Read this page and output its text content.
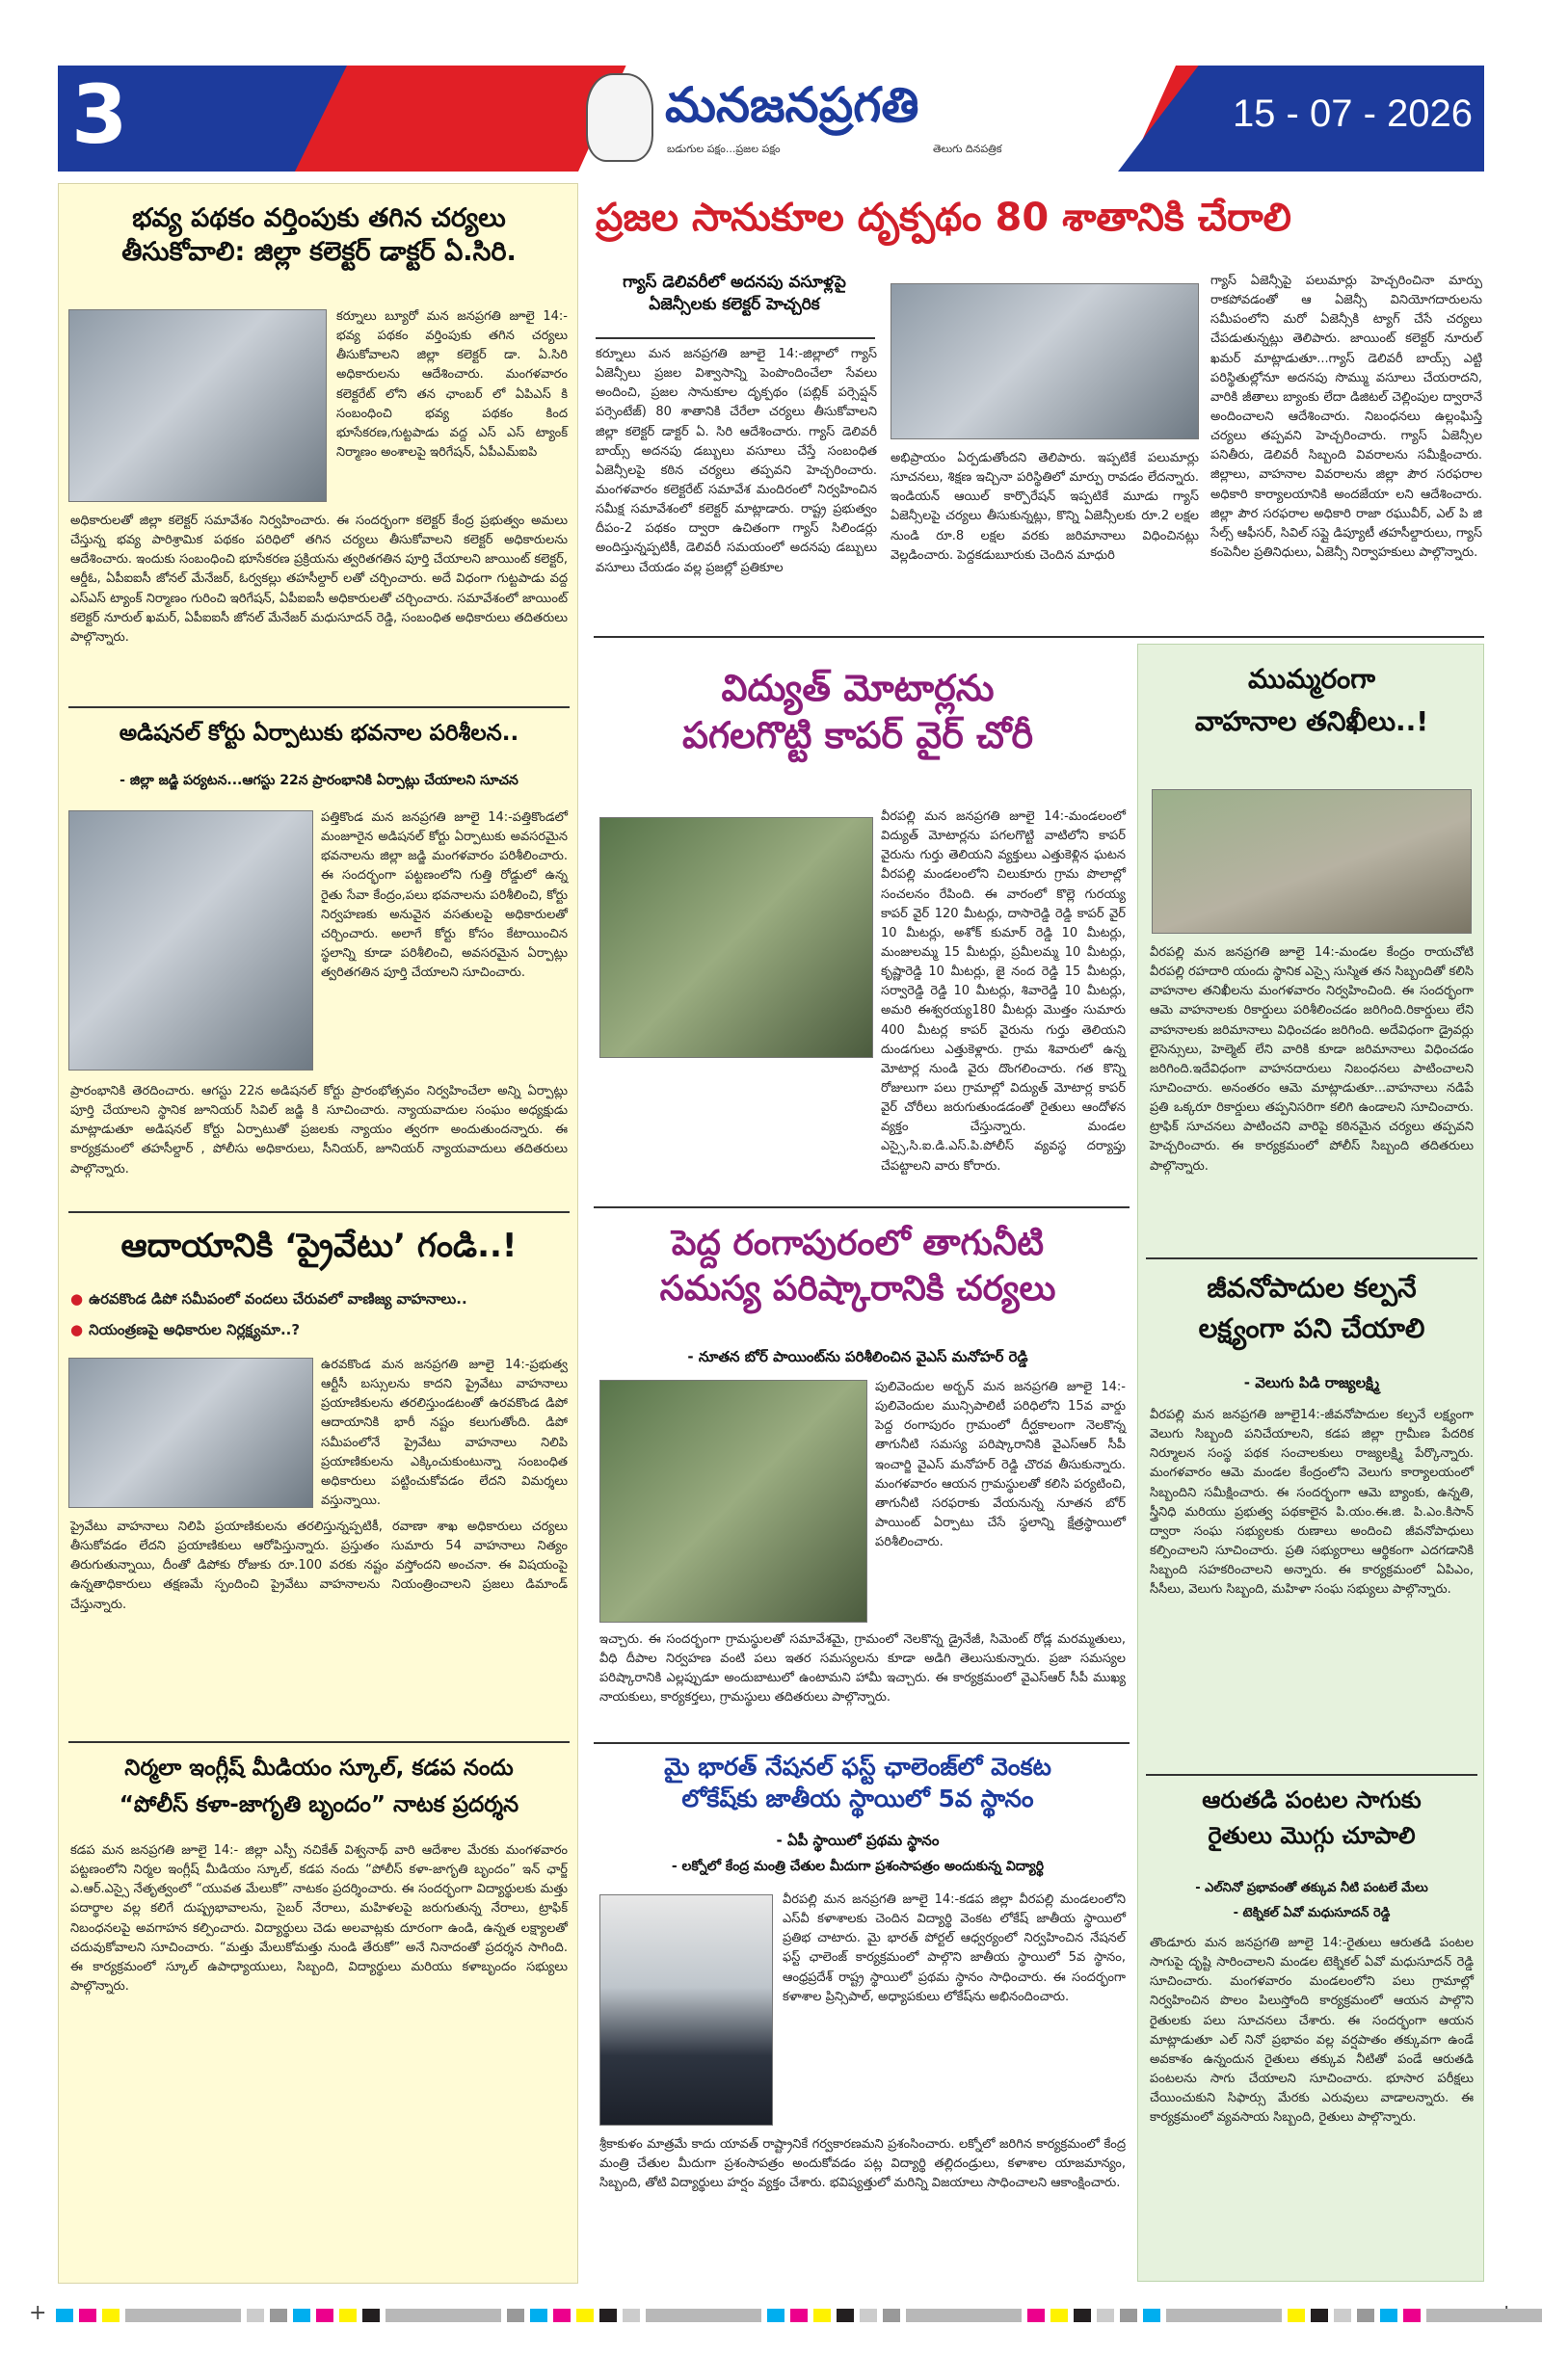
3	మనజనప్రగతి
బడుగుల పక్షం...ప్రజల పక్షం	తెలుగు దినపత్రిక
15 - 07 - 2026
భవ్య పథకం వర్తింపుకు తగిన చర్యలు
తీసుకోవాలి: జిల్లా కలెక్టర్ డాక్టర్ ఏ.సిరి.
కర్నూలు బ్యూరో మన జనప్రగతి జూలై 14:-భవ్య పథకం వర్తింపుకు తగిన చర్యలు తీసుకోవాలని జిల్లా కలెక్టర్ డా. ఏ.సిరి అధికారులను ఆదేశించారు. మంగళవారం కలెక్టరేట్ లోని తన ఛాంబర్ లో ఏపిఎస్ కి సంబంధించి భవ్య పథకం కింద భూసేకరణ,గుట్టపాడు వద్ద ఎస్ ఎస్ ట్యాంక్ నిర్మాణం అంశాలపై ఇరిగేషన్, ఏపీఎమ్ఐపి
అధికారులతో జిల్లా కలెక్టర్ సమావేశం నిర్వహించారు. ఈ సందర్భంగా కలెక్టర్ కేంద్ర ప్రభుత్వం అమలు చేస్తున్న భవ్య పారిశ్రామిక పథకం పరిధిలో తగిన చర్యలు తీసుకోవాలని కలెక్టర్ అధికారులను ఆదేశించారు. ఇందుకు సంబంధించి భూసేకరణ ప్రక్రియను త్వరితగతిన పూర్తి చేయాలని జాయింట్ కలెక్టర్, ఆర్డీఓ, ఏపీఐఐసీ జోనల్ మేనేజర్, ఓర్వకల్లు తహసీల్దార్ లతో చర్చించారు. అదే విధంగా గుట్టపాడు వద్ద ఎస్ఎస్ ట్యాంక్ నిర్మాణం గురించి ఇరిగేషన్, ఏపీఐఐసీ అధికారులతో చర్చించారు. సమావేశంలో జాయింట్ కలెక్టర్ నూరుల్ ఖమర్, ఏపీఐఐసీ జోనల్ మేనేజర్ మధుసూదన్ రెడ్డి, సంబంధిత అధికారులు తదితరులు పాల్గొన్నారు.
అడిషనల్ కోర్టు ఏర్పాటుకు భవనాల పరిశీలన..
- జిల్లా జడ్జి పర్యటన...ఆగస్టు 22న ప్రారంభానికి ఏర్పాట్లు చేయాలని సూచన
పత్తికొండ మన జనప్రగతి జూలై 14:-పత్తికొండలో మంజూరైన అడిషనల్ కోర్టు ఏర్పాటుకు అవసరమైన భవనాలను జిల్లా జడ్జి మంగళవారం పరిశీలించారు. ఈ సందర్భంగా పట్టణంలోని గుత్తి రోడ్డులో ఉన్న రైతు సేవా కేంద్రం,పలు భవనాలను పరిశీలించి, కోర్టు నిర్వహణకు అనువైన వసతులపై అధికారులతో చర్చించారు. అలాగే కోర్టు కోసం కేటాయించిన స్థలాన్ని కూడా పరిశీలించి, అవసరమైన ఏర్పాట్లు త్వరితగతిన పూర్తి చేయాలని సూచించారు.
ప్రారంభానికి తెరదించారు. ఆగస్టు 22న అడిషనల్ కోర్టు ప్రారంభోత్సవం నిర్వహించేలా అన్ని ఏర్పాట్లు పూర్తి చేయాలని స్థానిక జూనియర్ సివిల్ జడ్జి కి సూచించారు. న్యాయవాదుల సంఘం అధ్యక్షుడు మాట్లాడుతూ అడిషనల్ కోర్టు ఏర్పాటుతో ప్రజలకు న్యాయం త్వరగా అందుతుందన్నారు. ఈ కార్యక్రమంలో తహసీల్దార్ , పోలీసు అధికారులు, సీనియర్, జూనియర్ న్యాయవాదులు తదితరులు పాల్గొన్నారు.
ఆదాయానికి ‘ప్రైవేటు’ గండి..!
● ఉరవకొండ డిపో సమీపంలో వందలు చేరువలో వాణిజ్య వాహనాలు..
● నియంత్రణపై అధికారుల నిర్లక్ష్యమా..?
ఉరవకొండ మన జనప్రగతి జూలై 14:-ప్రభుత్వ ఆర్టీసీ బస్సులను కాదని ప్రైవేటు వాహనాలు ప్రయాణికులను తరలిస్తుండటంతో ఉరవకొండ డిపో ఆదాయానికి భారీ నష్టం కలుగుతోంది. డిపో సమీపంలోనే ప్రైవేటు వాహనాలు నిలిపి ప్రయాణికులను ఎక్కించుకుంటున్నా సంబంధిత అధికారులు పట్టించుకోవడం లేదని విమర్శలు వస్తున్నాయి.
ప్రైవేటు వాహనాలు నిలిపి ప్రయాణికులను తరలిస్తున్నప్పటికీ, రవాణా శాఖ అధికారులు చర్యలు తీసుకోవడం లేదని ప్రయాణికులు ఆరోపిస్తున్నారు. ప్రస్తుతం సుమారు 54 వాహనాలు నిత్యం తిరుగుతున్నాయి, దీంతో డిపోకు రోజుకు రూ.100 వరకు నష్టం వస్తోందని అంచనా. ఈ విషయంపై ఉన్నతాధికారులు తక్షణమే స్పందించి ప్రైవేటు వాహనాలను నియంత్రించాలని ప్రజలు డిమాండ్ చేస్తున్నారు.
నిర్మలా ఇంగ్లీష్ మీడియం స్కూల్, కడప నందు
“పోలీస్ కళా-జాగృతి బృందం” నాటక ప్రదర్శన
కడప మన జనప్రగతి జూలై 14:- జిల్లా ఎస్పీ నచికేత్ విశ్వనాథ్ వారి ఆదేశాల మేరకు మంగళవారం పట్టణంలోని నిర్మల ఇంగ్లీష్ మీడియం స్కూల్, కడప నందు “పోలీస్ కళా-జాగృతి బృందం” ఇన్ ఛార్జ్ ఎ.ఆర్.ఎస్సై నేతృత్వంలో “యువత మేలుకో” నాటకం ప్రదర్శించారు. ఈ సందర్భంగా విద్యార్థులకు మత్తు పదార్థాల వల్ల కలిగే దుష్ప్రభావాలను, సైబర్ నేరాలు, మహిళలపై జరుగుతున్న నేరాలు, ట్రాఫిక్ నిబంధనలపై అవగాహన కల్పించారు. విద్యార్థులు చెడు అలవాట్లకు దూరంగా ఉండి, ఉన్నత లక్ష్యాలతో చదువుకోవాలని సూచించారు. “మత్తు మేలుకోమత్తు నుండి తేరుకో” అనే నినాదంతో ప్రదర్శన సాగింది. ఈ కార్యక్రమంలో స్కూల్ ఉపాధ్యాయులు, సిబ్బంది, విద్యార్థులు మరియు కళాబృందం సభ్యులు పాల్గొన్నారు.
ప్రజల సానుకూల దృక్పథం 80 శాతానికి చేరాలి
గ్యాస్ డెలివరీలో అదనపు వసూళ్లపై
ఏజెన్సీలకు కలెక్టర్ హెచ్చరిక
కర్నూలు మన జనప్రగతి జూలై 14:-జిల్లాలో గ్యాస్ ఏజెన్సీలు ప్రజల విశ్వాసాన్ని పెంపొందించేలా సేవలు అందించి, ప్రజల సానుకూల దృక్పథం (పబ్లిక్ పర్సెప్షన్ పర్సెంటేజ్) 80 శాతానికి చేరేలా చర్యలు తీసుకోవాలని జిల్లా కలెక్టర్ డాక్టర్ ఏ. సిరి ఆదేశించారు. గ్యాస్ డెలివరీ బాయ్స్ అదనపు డబ్బులు వసూలు చేస్తే సంబంధిత ఏజెన్సీలపై కఠిన చర్యలు తప్పవని హెచ్చరించారు. మంగళవారం కలెక్టరేట్ సమావేశ మందిరంలో నిర్వహించిన సమీక్ష సమావేశంలో కలెక్టర్ మాట్లాడారు. రాష్ట్ర ప్రభుత్వం దీపం-2 పథకం ద్వారా ఉచితంగా గ్యాస్ సిలిండర్లు అందిస్తున్నప్పటికీ, డెలివరీ సమయంలో అదనపు డబ్బులు వసూలు చేయడం వల్ల ప్రజల్లో ప్రతికూల
అభిప్రాయం ఏర్పడుతోందని తెలిపారు. ఇప్పటికే పలుమార్లు సూచనలు, శిక్షణ ఇచ్చినా పరిస్థితిలో మార్పు రావడం లేదన్నారు. ఇండియన్ ఆయిల్ కార్పొరేషన్ ఇప్పటికే మూడు గ్యాస్ ఏజెన్సీలపై చర్యలు తీసుకున్నట్లు, కొన్ని ఏజెన్సీలకు రూ.2 లక్షల నుండి రూ.8 లక్షల వరకు జరిమానాలు విధించినట్లు వెల్లడించారు. పెద్దకడుబూరుకు చెందిన మాధురి
గ్యాస్ ఏజెన్సీపై పలుమార్లు హెచ్చరించినా మార్పు రాకపోవడంతో ఆ ఏజెన్సీ వినియోగదారులను సమీపంలోని మరో ఏజెన్సీకి ట్యాగ్ చేసే చర్యలు చేపడుతున్నట్లు తెలిపారు. జాయింట్ కలెక్టర్ నూరుల్ ఖమర్ మాట్లాడుతూ...గ్యాస్ డెలివరీ బాయ్స్ ఎట్టి పరిస్థితుల్లోనూ అదనపు సొమ్ము వసూలు చేయరాదని, వారికి జీతాలు బ్యాంకు లేదా డిజిటల్ చెల్లింపుల ద్వారానే అందించాలని ఆదేశించారు. నిబంధనలు ఉల్లంఘిస్తే చర్యలు తప్పవని హెచ్చరించారు. గ్యాస్ ఏజెన్సీల పనితీరు, డెలివరీ సిబ్బంది వివరాలను సమీక్షించారు. జిల్లాలు, వాహనాల వివరాలను జిల్లా పౌర సరఫరాల అధికారి కార్యాలయానికి అందజేయా లని ఆదేశించారు. జిల్లా పౌర సరఫరాల అధికారి రాజా రఘువీర్, ఎల్ పి జి సేల్స్ ఆఫీసర్, సివిల్ సప్లై డిప్యూటీ తహసీల్దారులు, గ్యాస్ కంపెనీల ప్రతినిధులు, ఏజెన్సీ నిర్వాహకులు పాల్గొన్నారు.
విద్యుత్ మోటార్లను
పగలగొట్టి కాపర్ వైర్ చోరీ
వీరపల్లి మన జనప్రగతి జూలై 14:-మండలంలో విద్యుత్ మోటార్లను పగలగొట్టి వాటిలోని కాపర్ వైరును గుర్తు తెలియని వ్యక్తులు ఎత్తుకెళ్లిన ఘటన వీరపల్లి మండలంలోని చిలుకూరు గ్రామ పొలాల్లో సంచలనం రేపింది. ఈ వారంలో కొల్లె గురయ్య కాపర్ వైర్ 120 మీటర్లు, దాసారెడ్డి రెడ్డి కాపర్ వైర్ 10 మీటర్లు, అశోక్ కుమార్ రెడ్డి 10 మీటర్లు, మంజులమ్మ 15 మీటర్లు, ప్రమీలమ్మ 10 మీటర్లు, కృష్ణారెడ్డి 10 మీటర్లు, జై నంద రెడ్డి 15 మీటర్లు, సర్వారెడ్డి రెడ్డి 10 మీటర్లు, శివారెడ్డి 10 మీటర్లు, అమరి ఈశ్వరయ్య180 మీటర్లు మొత్తం సుమారు 400 మీటర్ల కాపర్ వైరును గుర్తు తెలియని దుండగులు ఎత్తుకెళ్లారు. గ్రామ శివారులో ఉన్న మోటార్ల నుండి వైరు దొంగలించారు. గత కొన్ని రోజులుగా పలు గ్రామాల్లో విద్యుత్ మోటార్ల కాపర్ వైర్ చోరీలు జరుగుతుండడంతో రైతులు ఆందోళన వ్యక్తం చేస్తున్నారు. మండల ఎస్సై,సి.ఐ.డి.ఎస్.పి.పోలీస్ వ్యవస్థ దర్యాప్తు చేపట్టాలని వారు కోరారు.
పెద్ద రంగాపురంలో తాగునీటి
సమస్య పరిష్కారానికి చర్యలు
- నూతన బోర్ పాయింట్‌ను పరిశీలించిన వైఎస్ మనోహర్ రెడ్డి
పులివెందుల అర్బన్ మన జనప్రగతి జూలై 14:-పులివెందుల మున్సిపాలిటీ పరిధిలోని 15వ వార్డు పెద్ద రంగాపురం గ్రామంలో దీర్ఘకాలంగా నెలకొన్న తాగునీటి సమస్య పరిష్కారానికి వైఎస్ఆర్ సీపీ ఇంచార్జి వైఎస్ మనోహర్ రెడ్డి చొరవ తీసుకున్నారు. మంగళవారం ఆయన గ్రామస్థులతో కలిసి పర్యటించి, తాగునీటి సరఫరాకు వేయనున్న నూతన బోర్ పాయింట్ ఏర్పాటు చేసే స్థలాన్ని క్షేత్రస్థాయిలో పరిశీలించారు.
ఇచ్చారు. ఈ సందర్భంగా గ్రామస్థులతో సమావేశమై, గ్రామంలో నెలకొన్న డ్రైనేజీ, సిమెంట్ రోడ్ల మరమ్మతులు, వీధి దీపాల నిర్వహణ వంటి పలు ఇతర సమస్యలను కూడా అడిగి తెలుసుకున్నారు. ప్రజా సమస్యల పరిష్కారానికి ఎల్లప్పుడూ అందుబాటులో ఉంటామని హామీ ఇచ్చారు. ఈ కార్యక్రమంలో వైఎస్ఆర్ సీపీ ముఖ్య నాయకులు, కార్యకర్తలు, గ్రామస్థులు తదితరులు పాల్గొన్నారు.
మై భారత్ నేషనల్ ఫస్ట్ ఛాలెంజ్‌లో వెంకట
లోకేష్‌కు జాతీయ స్థాయిలో 5వ స్థానం
- ఏపీ స్థాయిలో ప్రథమ స్థానం
- లక్నోలో కేంద్ర మంత్రి చేతుల మీదుగా ప్రశంసాపత్రం అందుకున్న విద్యార్థి
వీరపల్లి మన జనప్రగతి జూలై 14:-కడప జిల్లా వీరపల్లి మండలంలోని ఎస్‌వీ కళాశాలకు చెందిన విద్యార్థి వెంకట లోకేష్ జాతీయ స్థాయిలో ప్రతిభ చాటారు. మై భారత్ పోర్టల్ ఆధ్వర్యంలో నిర్వహించిన నేషనల్ ఫస్ట్ ఛాలెంజ్ కార్యక్రమంలో పాల్గొని జాతీయ స్థాయిలో 5వ స్థానం, ఆంధ్రప్రదేశ్ రాష్ట్ర స్థాయిలో ప్రథమ స్థానం సాధించారు. ఈ సందర్భంగా కళాశాల ప్రిన్సిపాల్, అధ్యాపకులు లోకేష్‌ను అభినందించారు.
శ్రీకాకుళం మాత్రమే కాదు యావత్ రాష్ట్రానికే గర్వకారణమని ప్రశంసించారు. లక్నోలో జరిగిన కార్యక్రమంలో కేంద్ర మంత్రి చేతుల మీదుగా ప్రశంసాపత్రం అందుకోవడం పట్ల విద్యార్థి తల్లిదండ్రులు, కళాశాల యాజమాన్యం, సిబ్బంది, తోటి విద్యార్థులు హర్షం వ్యక్తం చేశారు. భవిష్యత్తులో మరిన్ని విజయాలు సాధించాలని ఆకాంక్షించారు.
ముమ్మరంగా
వాహనాల తనిఖీలు..!
వీరపల్లి మన జనప్రగతి జూలై 14:-మండల కేంద్రం రాయచోటి వీరపల్లి రహదారి యందు స్థానిక ఎస్సై సుస్మిత తన సిబ్బందితో కలిసి వాహనాల తనిఖీలను మంగళవారం నిర్వహించింది. ఈ సందర్భంగా ఆమె వాహనాలకు రికార్డులు పరిశీలించడం జరిగింది.రికార్డులు లేని వాహనాలకు జరిమానాలు విధించడం జరిగింది. అదేవిధంగా డ్రైవర్లు లైసెన్సులు, హెల్మెట్ లేని వారికి కూడా జరిమానాలు విధించడం జరిగింది.ఇదేవిధంగా వాహనదారులు నిబంధనలు పాటించాలని సూచించారు. అనంతరం ఆమె మాట్లాడుతూ...వాహనాలు నడిపే ప్రతి ఒక్కరూ రికార్డులు తప్పనిసరిగా కలిగి ఉండాలని సూచించారు. ట్రాఫిక్ సూచనలు పాటించని వారిపై కఠినమైన చర్యలు తప్పవని హెచ్చరించారు. ఈ కార్యక్రమంలో పోలీస్ సిబ్బంది తదితరులు పాల్గొన్నారు.
జీవనోపాదుల కల్పనే
లక్ష్యంగా పని చేయాలి
- వెలుగు పిడి రాజ్యలక్ష్మి
వీరపల్లి మన జనప్రగతి జూలై14:-జీవనోపాదుల కల్పనే లక్ష్యంగా వెలుగు సిబ్బంది పనిచేయాలని, కడప జిల్లా గ్రామీణ పేదరిక నిర్మూలన సంస్థ పథక సంచాలకులు రాజ్యలక్ష్మి పేర్కొన్నారు. మంగళవారం ఆమె మండల కేంద్రంలోని వెలుగు కార్యాలయంలో సిబ్బందిని సమీక్షించారు. ఈ సందర్భంగా ఆమె బ్యాంకు, ఉన్నతి, స్త్రీనిధి మరియు ప్రభుత్వ పథకాలైన పి.యం.ఈ.జి. పి.ఎం.కిసాన్ ద్వారా సంఘ సభ్యులకు రుణాలు అందించి జీవనోపాధులు కల్పించాలని సూచించారు. ప్రతి సభ్యురాలు ఆర్థికంగా ఎదగడానికి సిబ్బంది సహకరించాలని అన్నారు. ఈ కార్యక్రమంలో ఏపిఎం, సీసీలు, వెలుగు సిబ్బంది, మహిళా సంఘ సభ్యులు పాల్గొన్నారు.
ఆరుతడి పంటల సాగుకు
రైతులు మొగ్గు చూపాలి
- ఎల్‌నినో ప్రభావంతో తక్కువ నీటి పంటలే మేలు
- టెక్నికల్ ఏవో మధుసూదన్ రెడ్డి
తొండూరు మన జనప్రగతి జూలై 14:-రైతులు ఆరుతడి పంటల సాగుపై దృష్టి సారించాలని మండల టెక్నికల్ ఏవో మధుసూదన్ రెడ్డి సూచించారు. మంగళవారం మండలంలోని పలు గ్రామాల్లో నిర్వహించిన పొలం పిలుస్తోంది కార్యక్రమంలో ఆయన పాల్గొని రైతులకు పలు సూచనలు చేశారు. ఈ సందర్భంగా ఆయన మాట్లాడుతూ ఎల్ నినో ప్రభావం వల్ల వర్షపాతం తక్కువగా ఉండే అవకాశం ఉన్నందున రైతులు తక్కువ నీటితో పండే ఆరుతడి పంటలను సాగు చేయాలని సూచించారు. భూసార పరీక్షలు చేయించుకుని సిఫార్సు మేరకు ఎరువులు వాడాలన్నారు. ఈ కార్యక్రమంలో వ్యవసాయ సిబ్బంది, రైతులు పాల్గొన్నారు.
+
